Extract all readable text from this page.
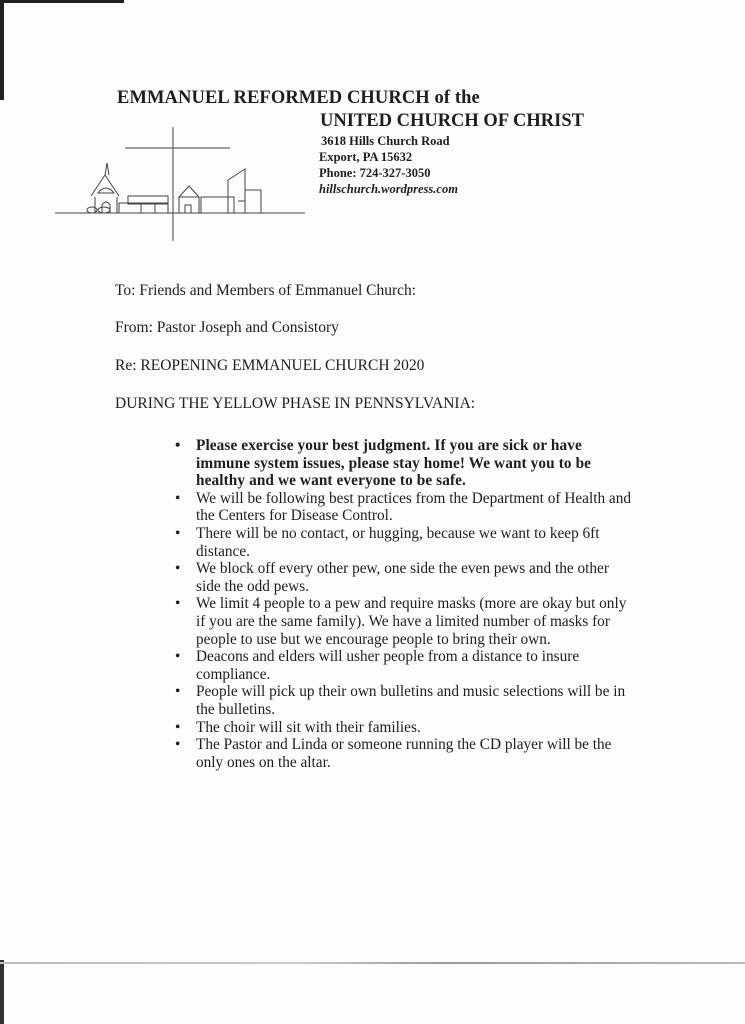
EMMANUEL REFORMED CHURCH of the
UNITED CHURCH OF CHRIST
3618 Hills Church Road
Export, PA 15632
Phone: 724-327-3050
hillschurch.wordpress.com
To: Friends and Members of Emmanuel Church:
From: Pastor Joseph and Consistory
Re: REOPENING EMMANUEL CHURCH 2020
DURING THE YELLOW PHASE IN PENNSYLVANIA:
• Please exercise your best judgment. If you are sick or have immune system issues, please stay home! We want you to be healthy and we want everyone to be safe.
• We will be following best practices from the Department of Health and the Centers for Disease Control.
• There will be no contact, or hugging, because we want to keep 6ft distance.
• We block off every other pew, one side the even pews and the other side the odd pews.
• We limit 4 people to a pew and require masks (more are okay but only if you are the same family). We have a limited number of masks for people to use but we encourage people to bring their own.
• Deacons and elders will usher people from a distance to insure compliance.
• People will pick up their own bulletins and music selections will be in the bulletins.
• The choir will sit with their families.
• The Pastor and Linda or someone running the CD player will be the only ones on the altar.
